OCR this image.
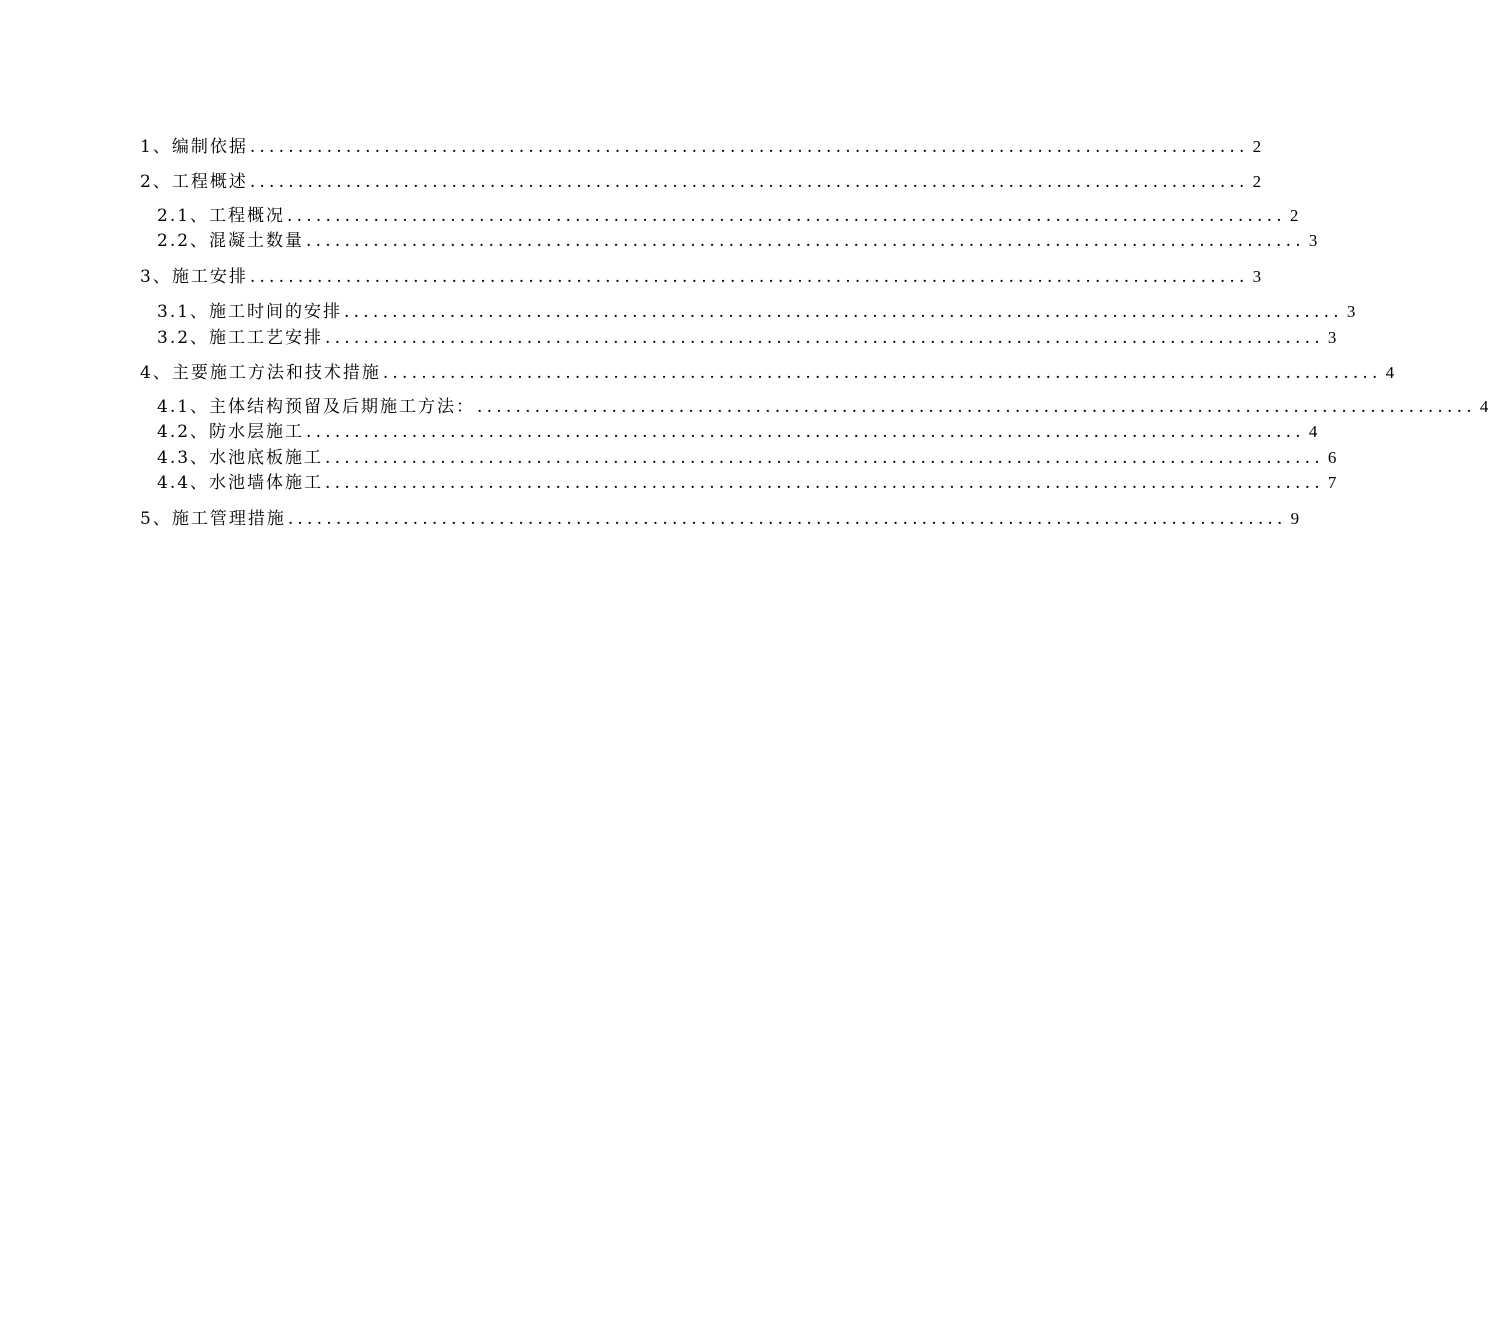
1、编制依据 ........................................................................................................ 2
2、工程概述 ........................................................................................................ 2
2.1、工程概况 ........................................................................................................ 2
2.2、混凝土数量 ........................................................................................................ 3
3、施工安排 ........................................................................................................ 3
3.1、施工时间的安排 ........................................................................................................ 3
3.2、施工工艺安排 ........................................................................................................ 3
4、主要施工方法和技术措施 ........................................................................................................ 4
4.1、主体结构预留及后期施工方法： ........................................................................................................ 4
4.2、防水层施工 ........................................................................................................ 4
4.3、水池底板施工 ........................................................................................................ 6
4.4、水池墙体施工 ........................................................................................................ 7
5、施工管理措施 ........................................................................................................ 9
